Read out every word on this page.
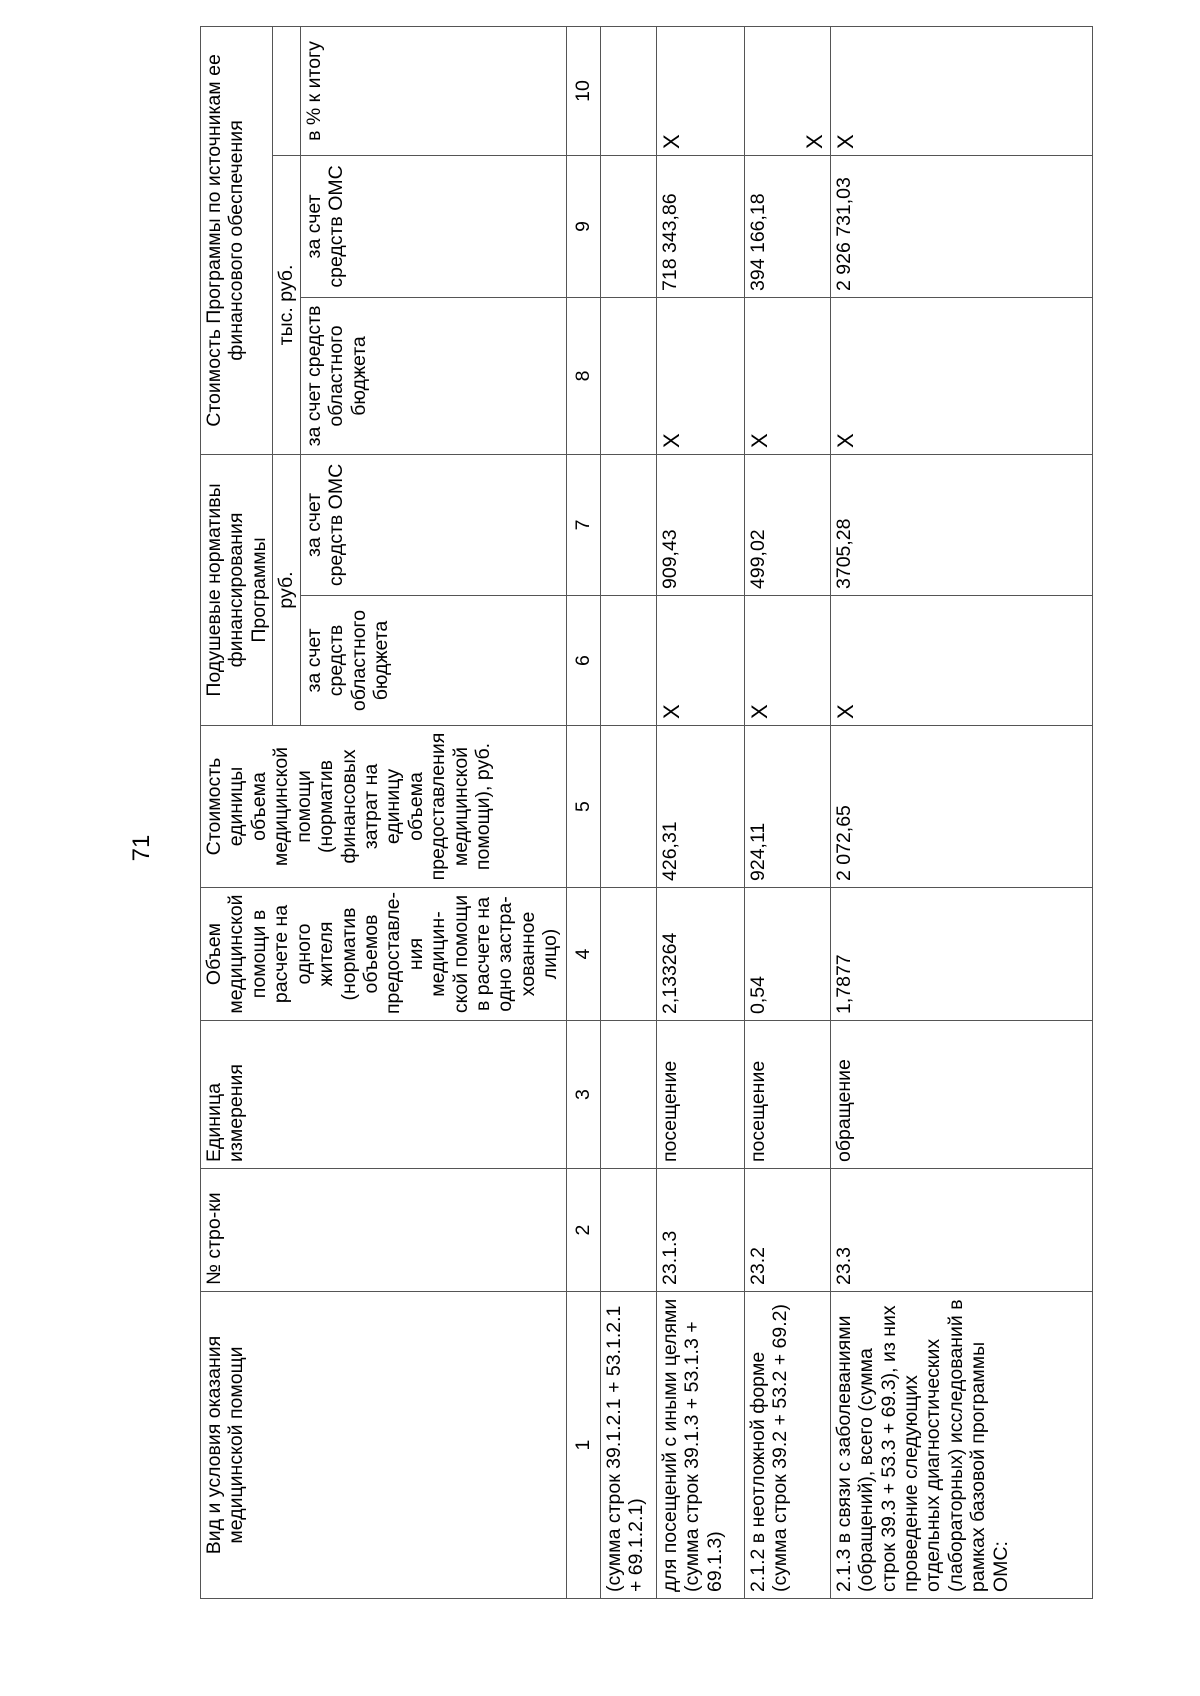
71
Вид и условия оказания медицинской помощи	№ стро-ки	Единица измерения	Объем медицинской помощи в расчете на одного жителя (норматив объемов предоставле-ния медицин-ской помощи в расчете на одно застра-хованное лицо)	Стоимость единицы объема медицинской помощи (норматив финансовых затрат на единицу объема предоставления медицинской помощи), руб.	Подушевые нормативы финансирования Программы		Стоимость Программы по источникам ее финансового обеспечения		
					руб.		тыс. руб.		
					за счет средств областного бюджета	за счет средств ОМС	за счет средств областного бюджета	за счет средств ОМС	в % к итогу
1	2	3	4	5	6	7	8	9	10
(сумма строк 39.1.2.1 + 53.1.2.1 + 69.1.2.1)									
для посещений с иными целями (сумма строк 39.1.3 + 53.1.3 + 69.1.3)	23.1.3	посещение	2,133264	426,31	X	909,43	X	718 343,86	X
2.1.2 в неотложной форме (сумма строк 39.2 + 53.2 + 69.2)	23.2	посещение	0,54	924,11	X	499,02	X	394 166,18	X
2.1.3 в связи с заболеваниями (обращений), всего (сумма строк 39.3 + 53.3 + 69.3), из них проведение следующих отдельных диагностических (лабораторных) исследований в рамках базовой программы ОМС:	23.3	обращение	1,7877	2 072,65	X	3705,28	X	2 926 731,03	X
